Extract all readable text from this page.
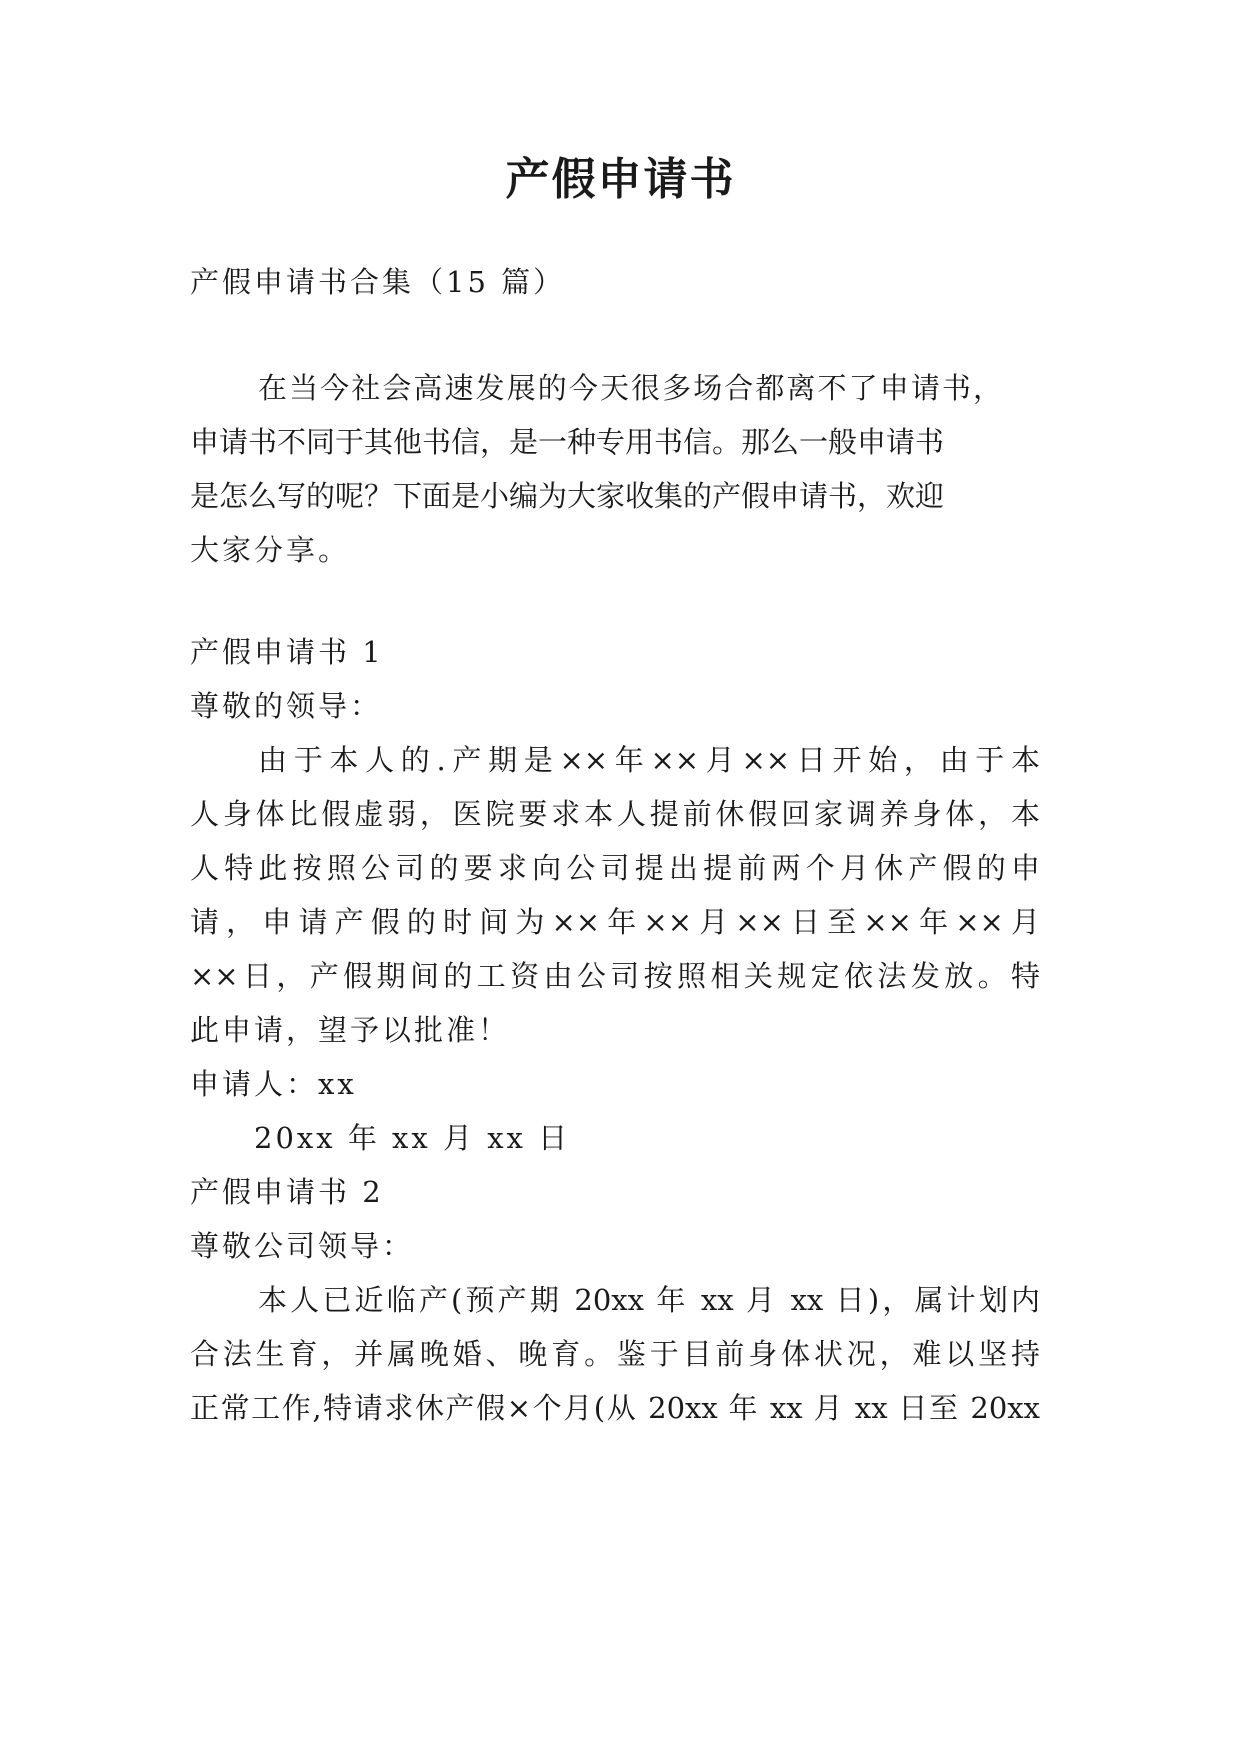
产假申请书
产假申请书合集（15 篇）
在当今社会高速发展的今天很多场合都离不了申请书，
申请书不同于其他书信，是一种专用书信。那么一般申请书
是怎么写的呢？下面是小编为大家收集的产假申请书，欢迎
大家分享。
产假申请书 1
尊敬的领导：
由于本人的.产期是××年××月××日开始，由于本
人身体比假虚弱，医院要求本人提前休假回家调养身体，本
人特此按照公司的要求向公司提出提前两个月休产假的申
请，申请产假的时间为××年××月××日至××年××月
××日，产假期间的工资由公司按照相关规定依法发放。特
此申请，望予以批准！
申请人：xx
20xx 年 xx 月 xx 日
产假申请书 2
尊敬公司领导：
本人已近临产(预产期 20xx 年 xx 月 xx 日)，属计划内
合法生育，并属晚婚、晚育。鉴于目前身体状况，难以坚持
正常工作,特请求休产假×个月(从 20xx 年 xx 月 xx 日至 20xx
